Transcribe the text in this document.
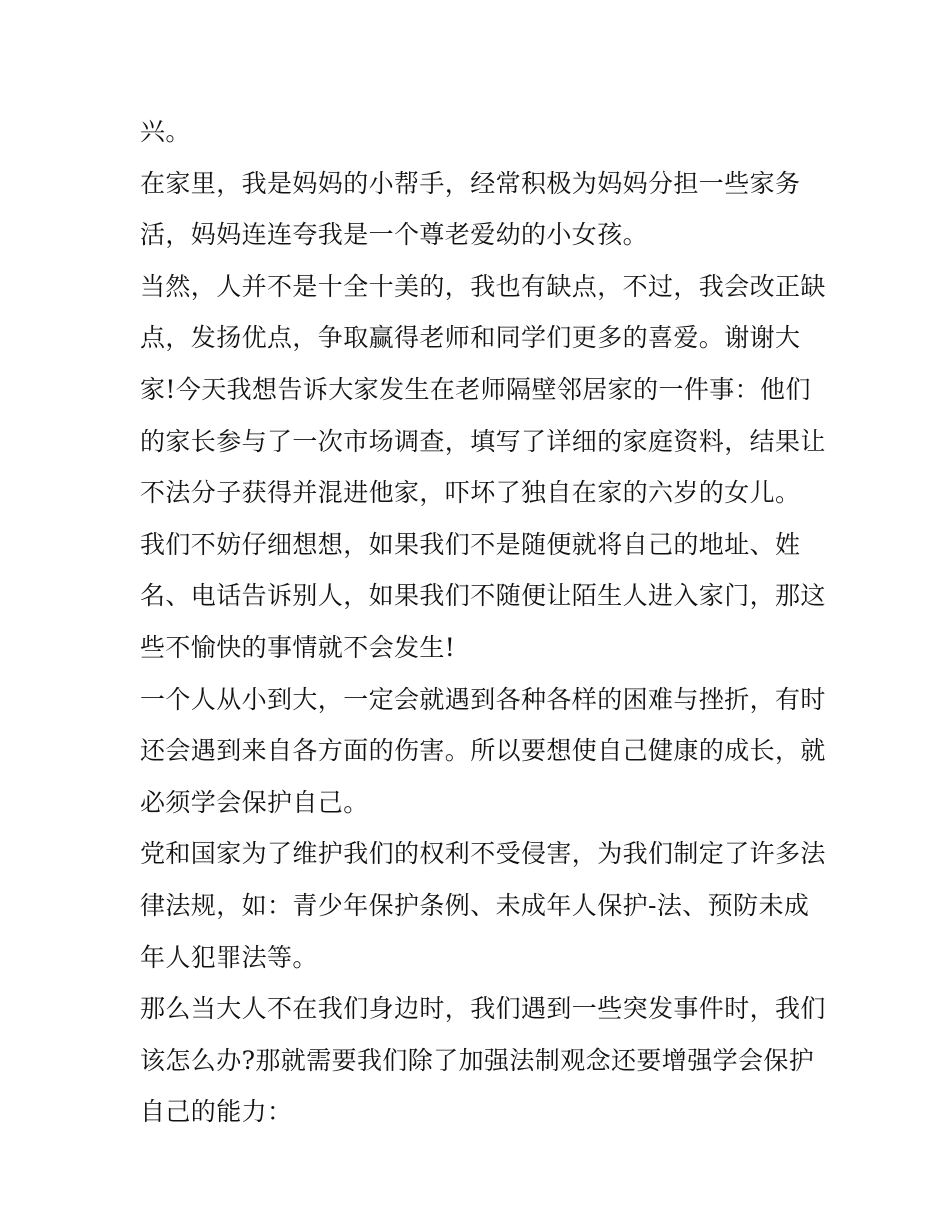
兴。
在家里，我是妈妈的小帮手，经常积极为妈妈分担一些家务
活，妈妈连连夸我是一个尊老爱幼的小女孩。
当然，人并不是十全十美的，我也有缺点，不过，我会改正缺
点，发扬优点，争取赢得老师和同学们更多的喜爱。谢谢大
家!今天我想告诉大家发生在老师隔壁邻居家的一件事：他们
的家长参与了一次市场调查，填写了详细的家庭资料，结果让
不法分子获得并混进他家，吓坏了独自在家的六岁的女儿。
我们不妨仔细想想，如果我们不是随便就将自己的地址、姓
名、电话告诉别人，如果我们不随便让陌生人进入家门，那这
些不愉快的事情就不会发生!
一个人从小到大，一定会就遇到各种各样的困难与挫折，有时
还会遇到来自各方面的伤害。所以要想使自己健康的成长，就
必须学会保护自己。
党和国家为了维护我们的权利不受侵害，为我们制定了许多法
律法规，如：青少年保护条例、未成年人保护-法、预防未成
年人犯罪法等。
那么当大人不在我们身边时，我们遇到一些突发事件时，我们
该怎么办?那就需要我们除了加强法制观念还要增强学会保护
自己的能力：
